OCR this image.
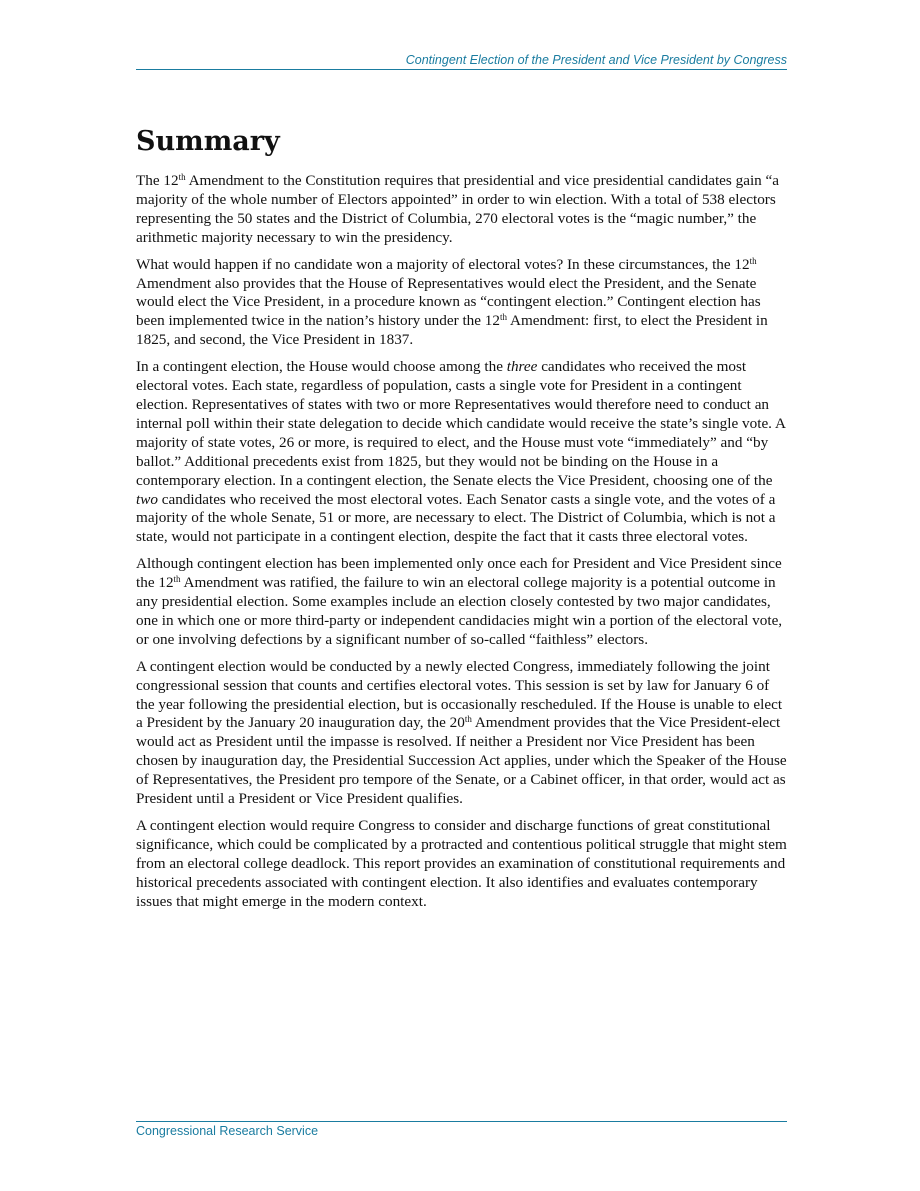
Contingent Election of the President and Vice President by Congress
Summary

The 12th Amendment to the Constitution requires that presidential and vice presidential candidates gain “a majority of the whole number of Electors appointed” in order to win election. With a total of 538 electors representing the 50 states and the District of Columbia, 270 electoral votes is the “magic number,” the arithmetic majority necessary to win the presidency.

What would happen if no candidate won a majority of electoral votes? In these circumstances, the 12th Amendment also provides that the House of Representatives would elect the President, and the Senate would elect the Vice President, in a procedure known as “contingent election.” Contingent election has been implemented twice in the nation’s history under the 12th Amendment: first, to elect the President in 1825, and second, the Vice President in 1837.

In a contingent election, the House would choose among the three candidates who received the most electoral votes. Each state, regardless of population, casts a single vote for President in a contingent election. Representatives of states with two or more Representatives would therefore need to conduct an internal poll within their state delegation to decide which candidate would receive the state’s single vote. A majority of state votes, 26 or more, is required to elect, and the House must vote “immediately” and “by ballot.” Additional precedents exist from 1825, but they would not be binding on the House in a contemporary election. In a contingent election, the Senate elects the Vice President, choosing one of the two candidates who received the most electoral votes. Each Senator casts a single vote, and the votes of a majority of the whole Senate, 51 or more, are necessary to elect. The District of Columbia, which is not a state, would not participate in a contingent election, despite the fact that it casts three electoral votes.

Although contingent election has been implemented only once each for President and Vice President since the 12th Amendment was ratified, the failure to win an electoral college majority is a potential outcome in any presidential election. Some examples include an election closely contested by two major candidates, one in which one or more third-party or independent candidacies might win a portion of the electoral vote, or one involving defections by a significant number of so-called “faithless” electors.

A contingent election would be conducted by a newly elected Congress, immediately following the joint congressional session that counts and certifies electoral votes. This session is set by law for January 6 of the year following the presidential election, but is occasionally rescheduled. If the House is unable to elect a President by the January 20 inauguration day, the 20th Amendment provides that the Vice President-elect would act as President until the impasse is resolved. If neither a President nor Vice President has been chosen by inauguration day, the Presidential Succession Act applies, under which the Speaker of the House of Representatives, the President pro tempore of the Senate, or a Cabinet officer, in that order, would act as President until a President or Vice President qualifies.

A contingent election would require Congress to consider and discharge functions of great constitutional significance, which could be complicated by a protracted and contentious political struggle that might stem from an electoral college deadlock. This report provides an examination of constitutional requirements and historical precedents associated with contingent election. It also identifies and evaluates contemporary issues that might emerge in the modern context.

Congressional Research Service
